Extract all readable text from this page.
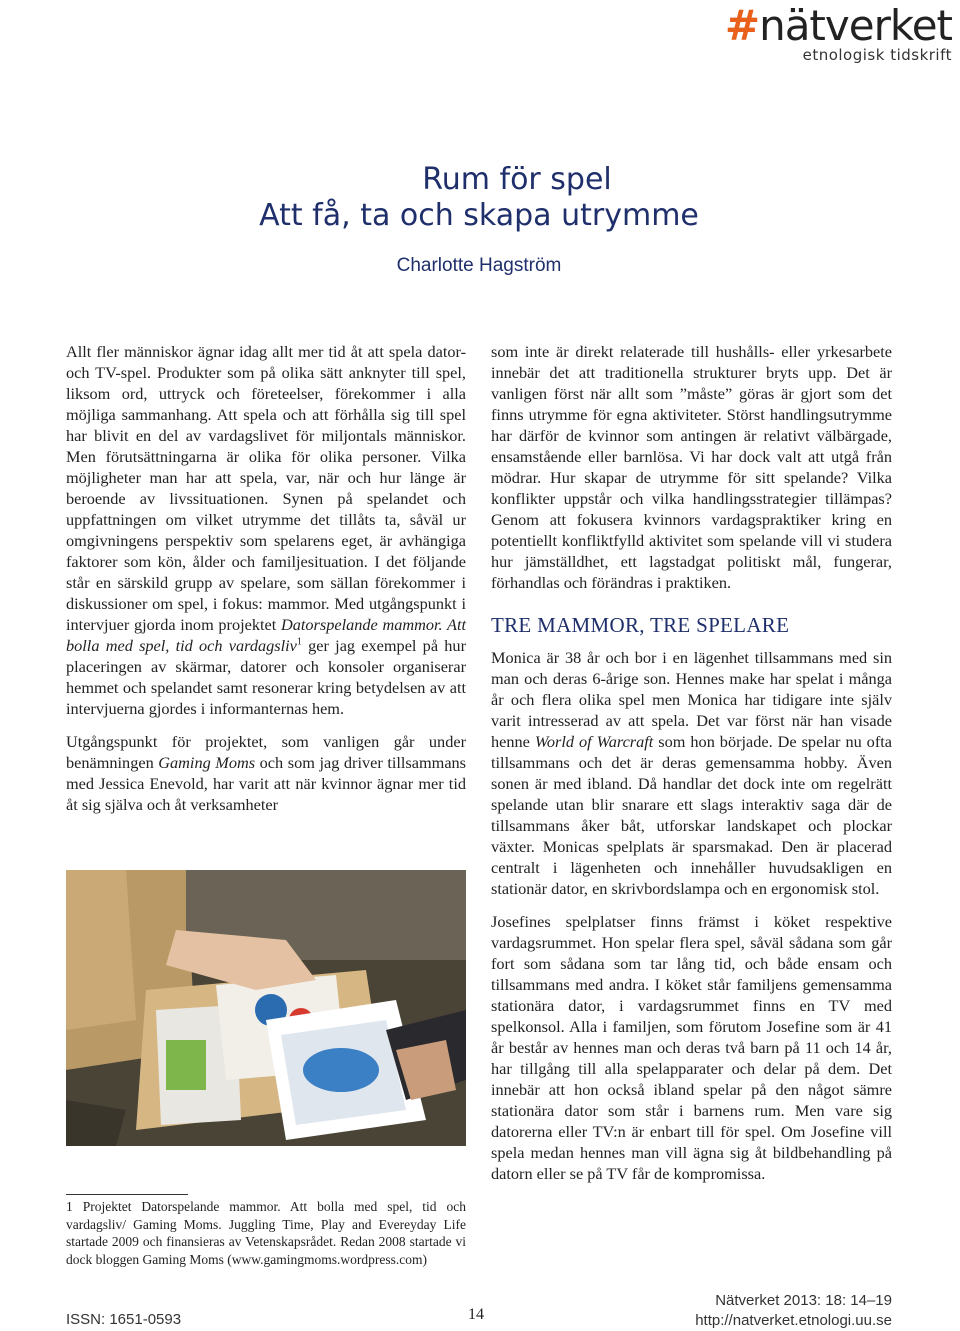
#nätverket
etnologisk tidskrift
Rum för spel
Att få, ta och skapa utrymme
Charlotte Hagström

Allt fler människor ägnar idag allt mer tid åt att spela dator- och TV-spel. Produkter som på olika sätt anknyter till spel, liksom ord, uttryck och företeelser, förekommer i alla möjliga sammanhang. Att spela och att förhålla sig till spel har blivit en del av vardagslivet för miljontals människor. Men förutsättningarna är olika för olika personer. Vilka möjligheter man har att spela, var, när och hur länge är beroende av livssituationen. Synen på spelandet och uppfattningen om vilket utrymme det tillåts ta, såväl ur omgivningens perspektiv som spelarens eget, är avhängiga faktorer som kön, ålder och familjesituation. I det följande står en särskild grupp av spelare, som sällan förekommer i diskussioner om spel, i fokus: mammor. Med utgångspunkt i intervjuer gjorda inom projektet Datorspelande mammor. Att bolla med spel, tid och vardagsliv$^1$ ger jag exempel på hur placeringen av skärmar, datorer och konsoler organiserar hemmet och spelandet samt resonerar kring betydelsen av att intervjuerna gjordes i informanternas hem.

Utgångspunkt för projektet, som vanligen går under benämningen Gaming Moms och som jag driver tillsammans med Jessica Enevold, har varit att när kvinnor ägnar mer tid åt sig själva och åt verksamheter

1 Projektet Datorspelande mammor. Att bolla med spel, tid och vardagsliv/ Gaming Moms. Juggling Time, Play and Evereyday Life startade 2009 och finansieras av Vetenskapsrådet. Redan 2008 startade vi dock bloggen Gaming Moms (www.gamingmoms.wordpress.com)

som inte är direkt relaterade till hushålls- eller yrkesarbete innebär det att traditionella strukturer bryts upp. Det är vanligen först när allt som ”måste” göras är gjort som det finns utrymme för egna aktiviteter. Störst handlingsutrymme har därför de kvinnor som antingen är relativt välbärgade, ensamstående eller barnlösa. Vi har dock valt att utgå från mödrar. Hur skapar de utrymme för sitt spelande? Vilka konflikter uppstår och vilka handlingsstrategier tillämpas? Genom att fokusera kvinnors vardagspraktiker kring en potentiellt konfliktfylld aktivitet som spelande vill vi studera hur jämställdhet, ett lagstadgat politiskt mål, fungerar, förhandlas och förändras i praktiken.

TRE MAMMOR, TRE SPELARE

Monica är 38 år och bor i en lägenhet tillsammans med sin man och deras 6-årige son. Hennes make har spelat i många år och flera olika spel men Monica har tidigare inte själv varit intresserad av att spela. Det var först när han visade henne World of Warcraft som hon började. De spelar nu ofta tillsammans och det är deras gemensamma hobby. Även sonen är med ibland. Då handlar det dock inte om regelrätt spelande utan blir snarare ett slags interaktiv saga där de tillsammans åker båt, utforskar landskapet och plockar växter. Monicas spelplats är sparsmakad. Den är placerad centralt i lägenheten och innehåller huvudsakligen en stationär dator, en skrivbordslampa och en ergonomisk stol.

Josefines spelplatser finns främst i köket respektive vardagsrummet. Hon spelar flera spel, såväl sådana som går fort som sådana som tar lång tid, och både ensam och tillsammans med andra. I köket står familjens gemensamma stationära dator, i vardagsrummet finns en TV med spelkonsol. Alla i familjen, som förutom Josefine som är 41 år består av hennes man och deras två barn på 11 och 14 år, har tillgång till alla spelapparater och delar på dem. Det innebär att hon också ibland spelar på den något sämre stationära dator som står i barnens rum. Men vare sig datorerna eller TV:n är enbart till för spel. Om Josefine vill spela medan hennes man vill ägna sig åt bildbehandling på datorn eller se på TV får de kompromissa.

ISSN: 1651-0593	14
Nätverket 2013: 18: 14–19
http://natverket.etnologi.uu.se
